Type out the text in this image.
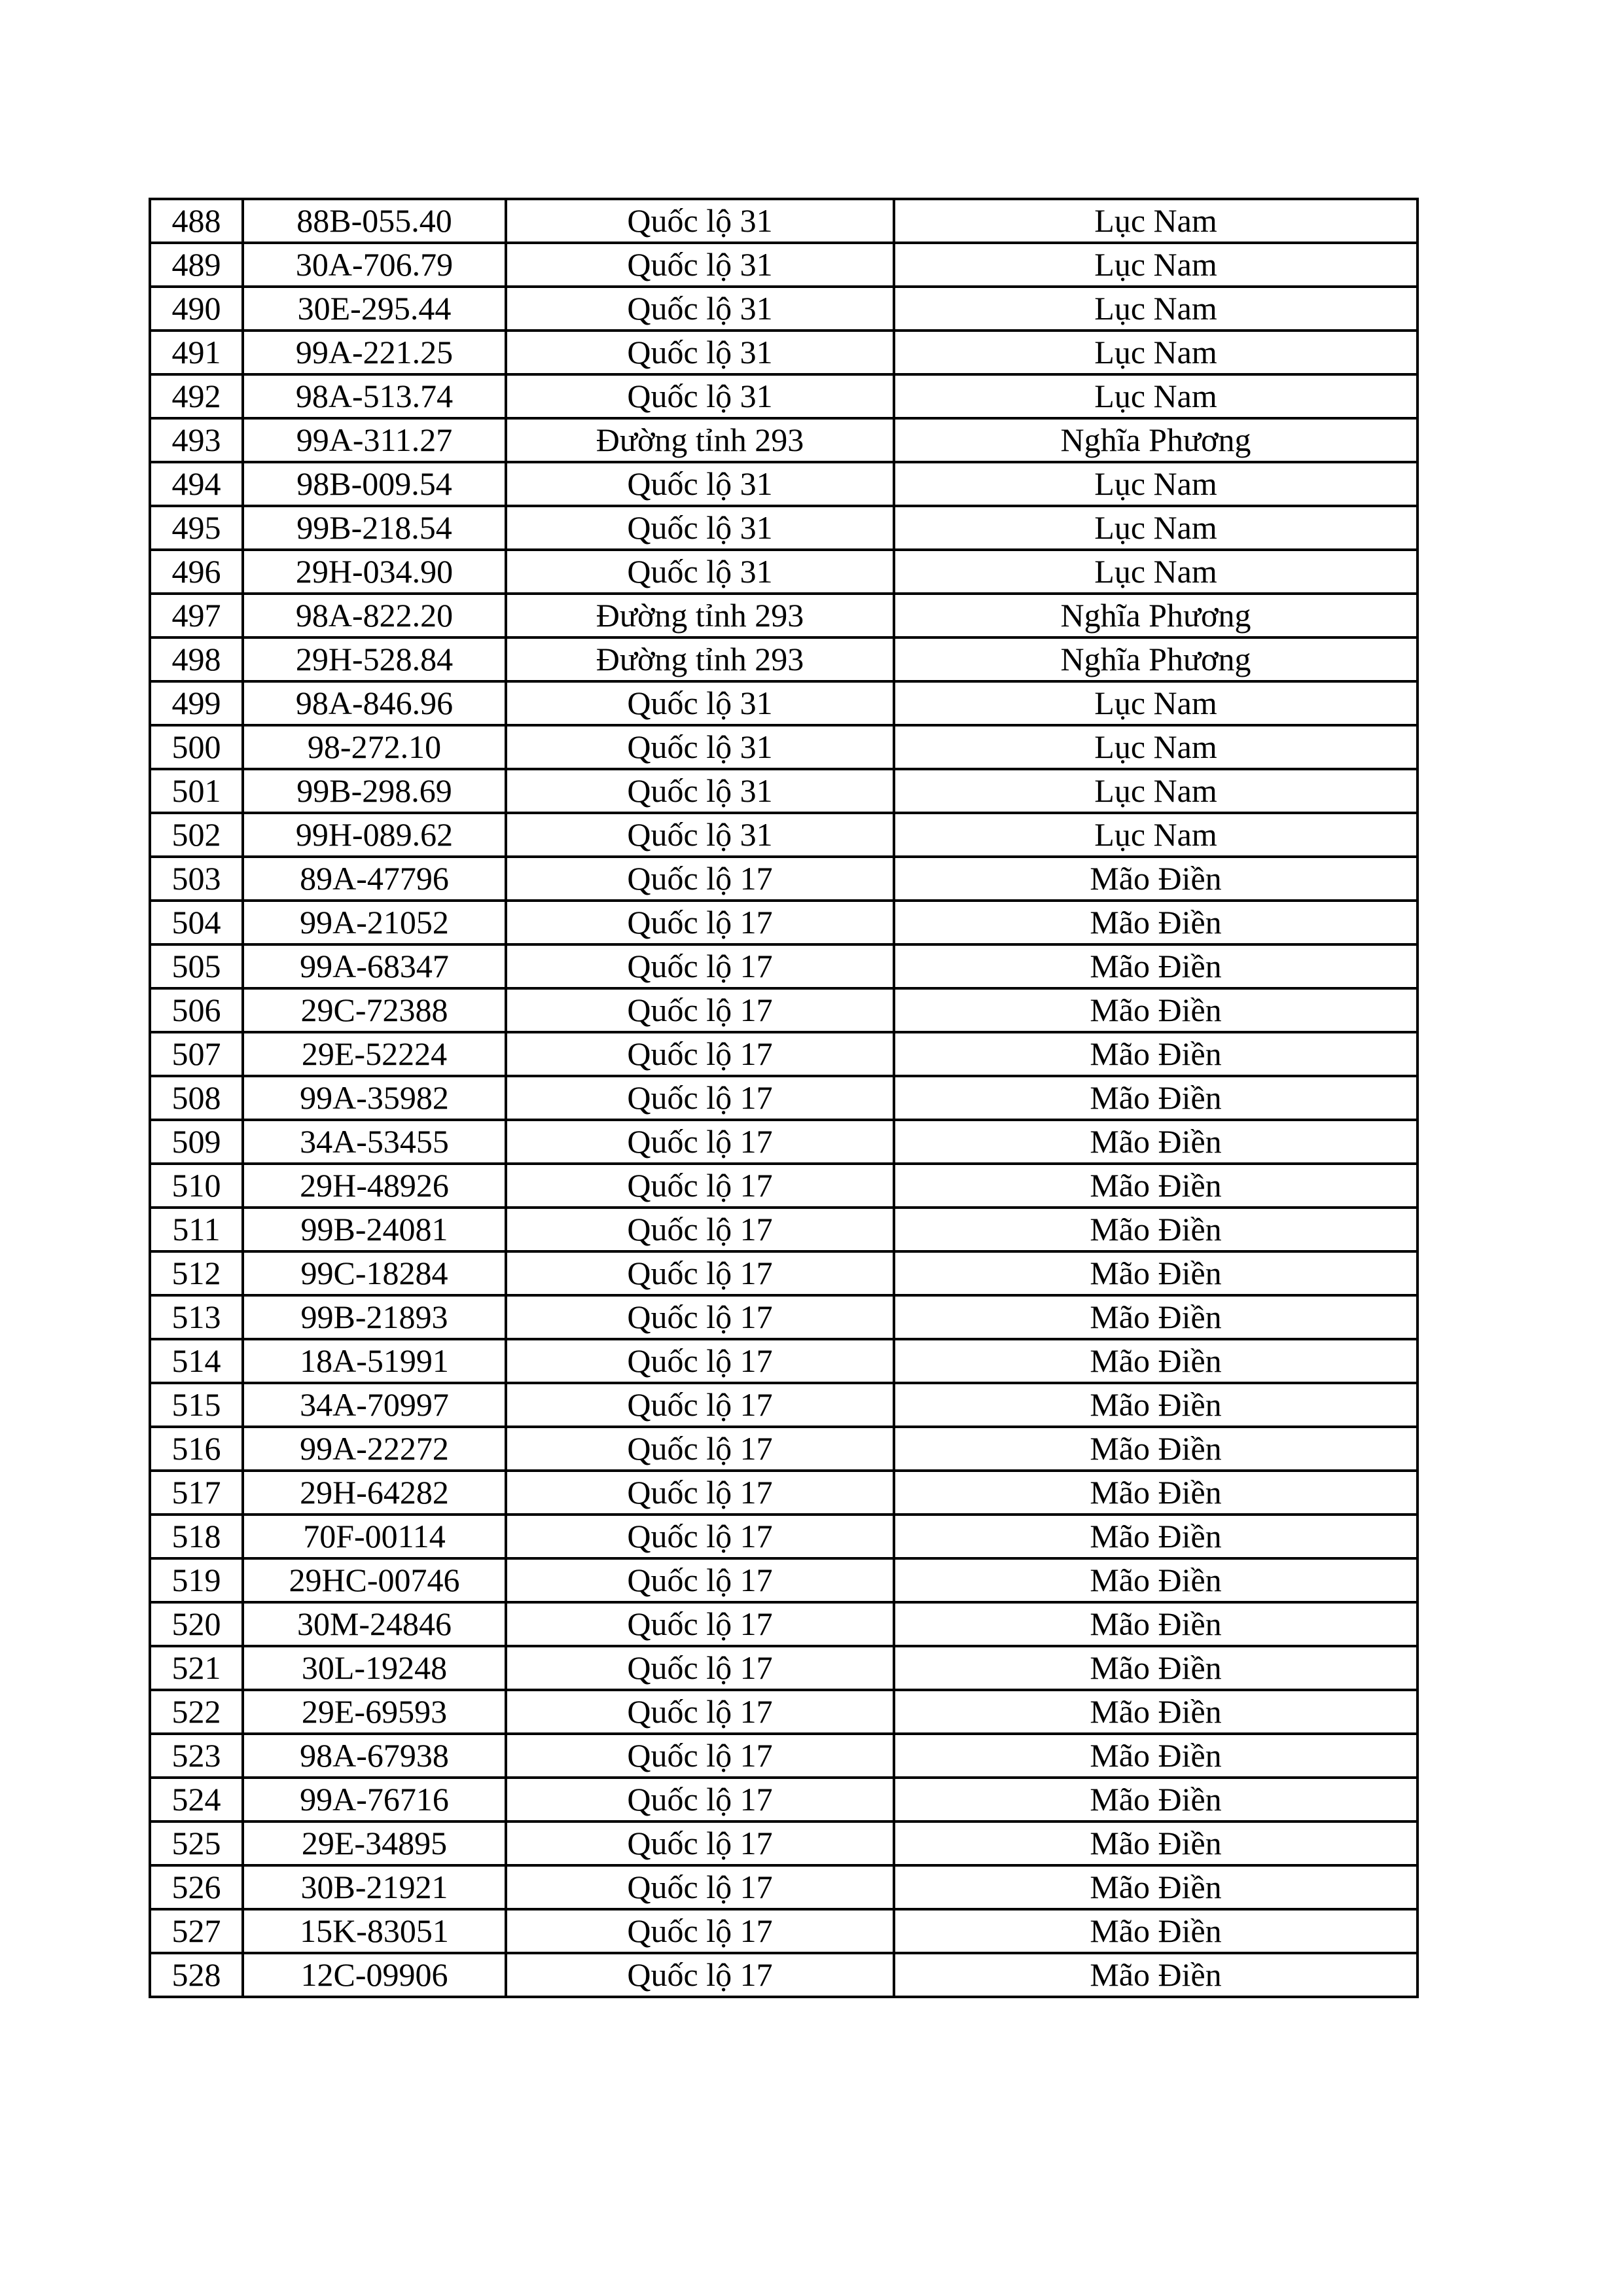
488	88B-055.40	Quốc lộ 31	Lục Nam
489	30A-706.79	Quốc lộ 31	Lục Nam
490	30E-295.44	Quốc lộ 31	Lục Nam
491	99A-221.25	Quốc lộ 31	Lục Nam
492	98A-513.74	Quốc lộ 31	Lục Nam
493	99A-311.27	Đường tỉnh 293	Nghĩa Phương
494	98B-009.54	Quốc lộ 31	Lục Nam
495	99B-218.54	Quốc lộ 31	Lục Nam
496	29H-034.90	Quốc lộ 31	Lục Nam
497	98A-822.20	Đường tỉnh 293	Nghĩa Phương
498	29H-528.84	Đường tỉnh 293	Nghĩa Phương
499	98A-846.96	Quốc lộ 31	Lục Nam
500	98-272.10	Quốc lộ 31	Lục Nam
501	99B-298.69	Quốc lộ 31	Lục Nam
502	99H-089.62	Quốc lộ 31	Lục Nam
503	89A-47796	Quốc lộ 17	Mão Điền
504	99A-21052	Quốc lộ 17	Mão Điền
505	99A-68347	Quốc lộ 17	Mão Điền
506	29C-72388	Quốc lộ 17	Mão Điền
507	29E-52224	Quốc lộ 17	Mão Điền
508	99A-35982	Quốc lộ 17	Mão Điền
509	34A-53455	Quốc lộ 17	Mão Điền
510	29H-48926	Quốc lộ 17	Mão Điền
511	99B-24081	Quốc lộ 17	Mão Điền
512	99C-18284	Quốc lộ 17	Mão Điền
513	99B-21893	Quốc lộ 17	Mão Điền
514	18A-51991	Quốc lộ 17	Mão Điền
515	34A-70997	Quốc lộ 17	Mão Điền
516	99A-22272	Quốc lộ 17	Mão Điền
517	29H-64282	Quốc lộ 17	Mão Điền
518	70F-00114	Quốc lộ 17	Mão Điền
519	29HC-00746	Quốc lộ 17	Mão Điền
520	30M-24846	Quốc lộ 17	Mão Điền
521	30L-19248	Quốc lộ 17	Mão Điền
522	29E-69593	Quốc lộ 17	Mão Điền
523	98A-67938	Quốc lộ 17	Mão Điền
524	99A-76716	Quốc lộ 17	Mão Điền
525	29E-34895	Quốc lộ 17	Mão Điền
526	30B-21921	Quốc lộ 17	Mão Điền
527	15K-83051	Quốc lộ 17	Mão Điền
528	12C-09906	Quốc lộ 17	Mão Điền
